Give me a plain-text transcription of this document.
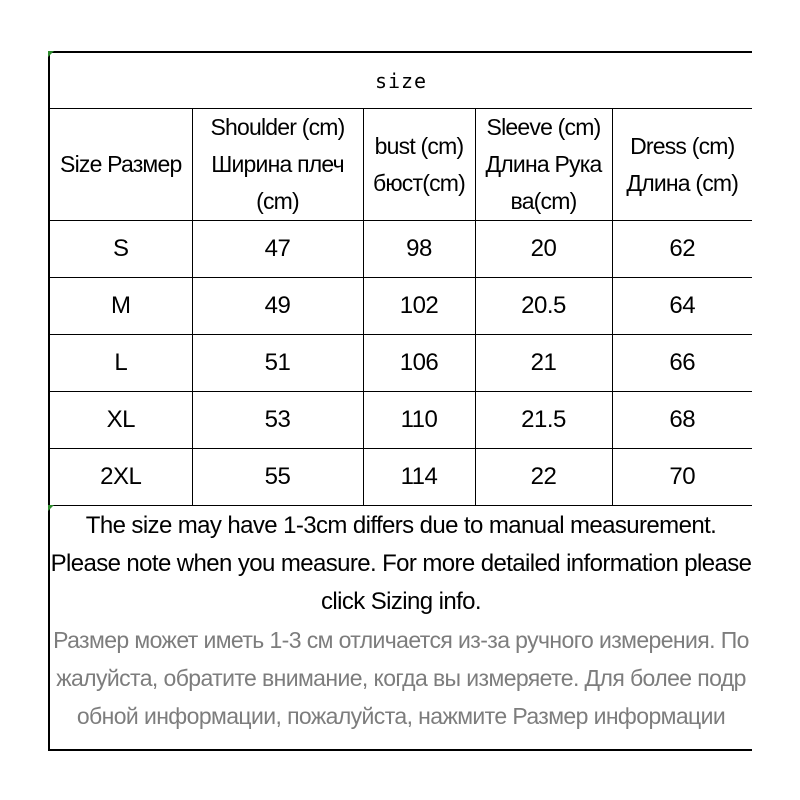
size				
Size Размер	Shoulder (cm) Ширина плеч (cm)	bust (cm) бюст(cm)	Sleeve (cm) Длина Рука ва(cm)	Dress (cm) Длина (cm)
S	47	98	20	62
M	49	102	20.5	64
L	51	106	21	66
XL	53	110	21.5	68
2XL	55	114	22	70
The size may have 1-3cm differs due to manual measurement. Please note when you measure. For more detailed information please click Sizing info.
Размер может иметь 1-3 см отличается из-за ручного измерения. Пожалуйста, обратите внимание, когда вы измеряете. Для более подробной информации, пожалуйста, нажмите Размер информации
